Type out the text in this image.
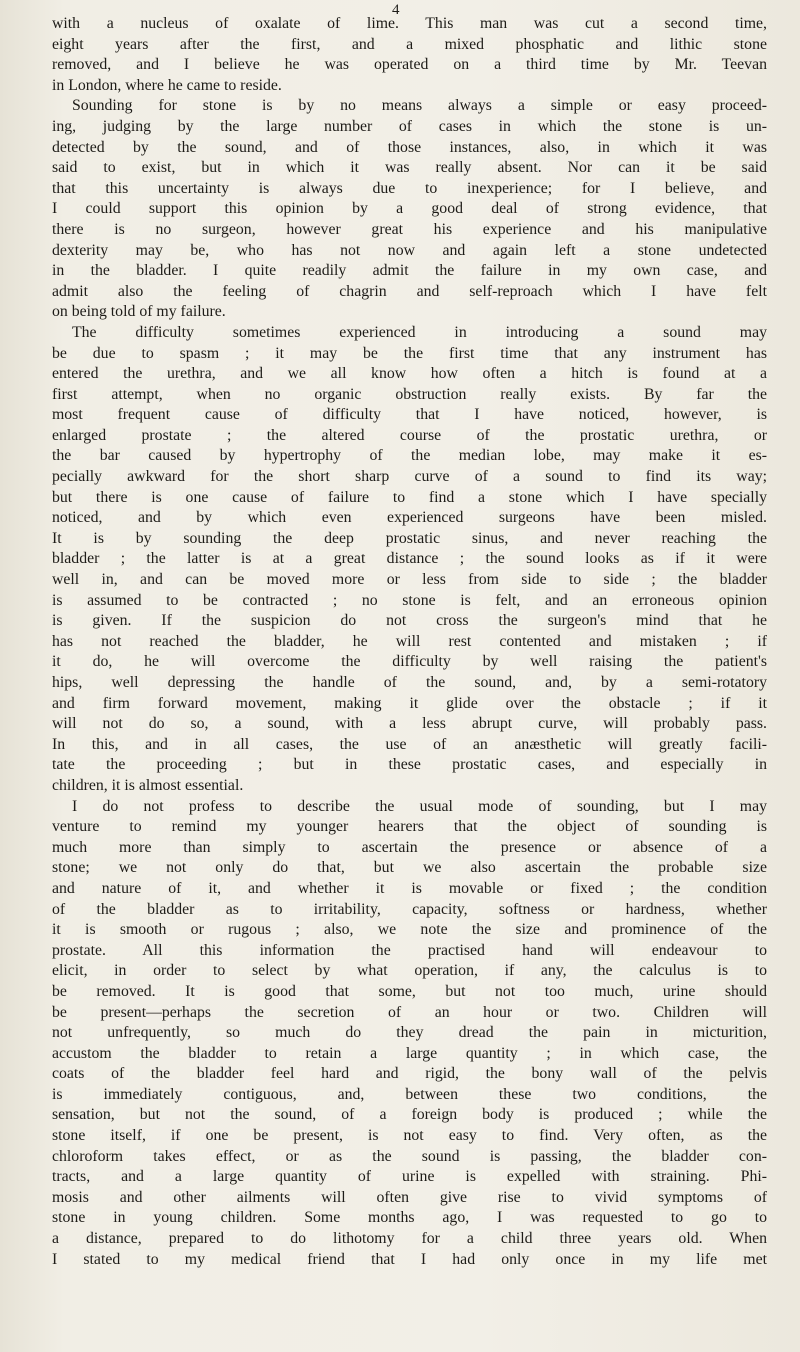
4
with a nucleus of oxalate of lime. This man was cut a second time,
eight years after the first, and a mixed phosphatic and lithic stone
removed, and I believe he was operated on a third time by Mr. Teevan
in London, where he came to reside.
Sounding for stone is by no means always a simple or easy proceed-
ing, judging by the large number of cases in which the stone is un-
detected by the sound, and of those instances, also, in which it was
said to exist, but in which it was really absent. Nor can it be said
that this uncertainty is always due to inexperience; for I believe, and
I could support this opinion by a good deal of strong evidence, that
there is no surgeon, however great his experience and his manipulative
dexterity may be, who has not now and again left a stone undetected
in the bladder. I quite readily admit the failure in my own case, and
admit also the feeling of chagrin and self-reproach which I have felt
on being told of my failure.
The difficulty sometimes experienced in introducing a sound may
be due to spasm ; it may be the first time that any instrument has
entered the urethra, and we all know how often a hitch is found at a
first attempt, when no organic obstruction really exists. By far the
most frequent cause of difficulty that I have noticed, however, is
enlarged prostate ; the altered course of the prostatic urethra, or
the bar caused by hypertrophy of the median lobe, may make it es-
pecially awkward for the short sharp curve of a sound to find its way;
but there is one cause of failure to find a stone which I have specially
noticed, and by which even experienced surgeons have been misled.
It is by sounding the deep prostatic sinus, and never reaching the
bladder ; the latter is at a great distance ; the sound looks as if it were
well in, and can be moved more or less from side to side ; the bladder
is assumed to be contracted ; no stone is felt, and an erroneous opinion
is given. If the suspicion do not cross the surgeon's mind that he
has not reached the bladder, he will rest contented and mistaken ; if
it do, he will overcome the difficulty by well raising the patient's
hips, well depressing the handle of the sound, and, by a semi-rotatory
and firm forward movement, making it glide over the obstacle ; if it
will not do so, a sound, with a less abrupt curve, will probably pass.
In this, and in all cases, the use of an anæsthetic will greatly facili-
tate the proceeding ; but in these prostatic cases, and especially in
children, it is almost essential.
I do not profess to describe the usual mode of sounding, but I may
venture to remind my younger hearers that the object of sounding is
much more than simply to ascertain the presence or absence of a
stone; we not only do that, but we also ascertain the probable size
and nature of it, and whether it is movable or fixed ; the condition
of the bladder as to irritability, capacity, softness or hardness, whether
it is smooth or rugous ; also, we note the size and prominence of the
prostate. All this information the practised hand will endeavour to
elicit, in order to select by what operation, if any, the calculus is to
be removed. It is good that some, but not too much, urine should
be present—perhaps the secretion of an hour or two. Children will
not unfrequently, so much do they dread the pain in micturition,
accustom the bladder to retain a large quantity ; in which case, the
coats of the bladder feel hard and rigid, the bony wall of the pelvis
is immediately contiguous, and, between these two conditions, the
sensation, but not the sound, of a foreign body is produced ; while the
stone itself, if one be present, is not easy to find. Very often, as the
chloroform takes effect, or as the sound is passing, the bladder con-
tracts, and a large quantity of urine is expelled with straining. Phi-
mosis and other ailments will often give rise to vivid symptoms of
stone in young children. Some months ago, I was requested to go to
a distance, prepared to do lithotomy for a child three years old. When
I stated to my medical friend that I had only once in my life met
